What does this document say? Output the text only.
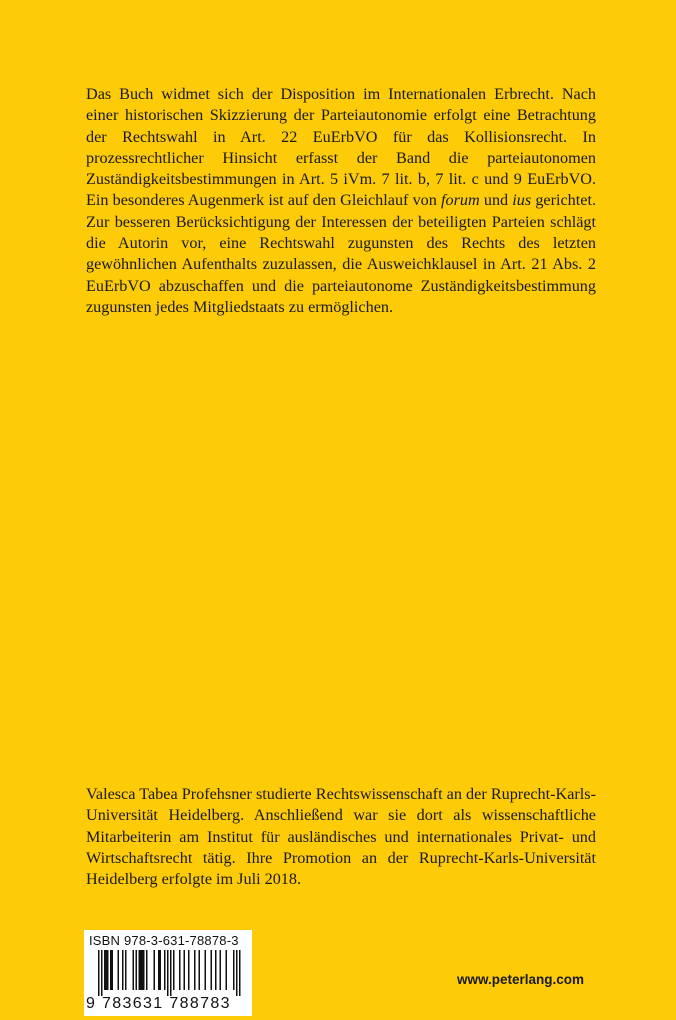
Das Buch widmet sich der Disposition im Internationalen Erbrecht. Nach einer historischen Skizzierung der Parteiautonomie erfolgt eine Betrachtung der Rechtswahl in Art. 22 EuErbVO für das Kollisionsrecht. In prozessrechtlicher Hinsicht erfasst der Band die parteiautonomen Zuständigkeitsbestimmungen in Art. 5 iVm. 7 lit. b, 7 lit. c und 9 EuErbVO. Ein besonderes Augenmerk ist auf den Gleichlauf von forum und ius gerichtet. Zur besseren Berücksichtigung der Interessen der beteiligten Parteien schlägt die Autorin vor, eine Rechtswahl zugunsten des Rechts des letzten gewöhnlichen Aufenthalts zuzulassen, die Ausweichklausel in Art. 21 Abs. 2 EuErbVO abzuschaffen und die parteiautonome Zuständigkeitsbestimmung zugunsten jedes Mitgliedstaats zu ermöglichen.

Valesca Tabea Profehsner studierte Rechtswissenschaft an der Ruprecht-Karls-Universität Heidelberg. Anschließend war sie dort als wissenschaftliche Mitarbeiterin am Institut für ausländisches und internationales Privat- und Wirtschaftsrecht tätig. Ihre Promotion an der Ruprecht-Karls-Universität Heidelberg erfolgte im Juli 2018.

ISBN 978-3-631-78878-3
9 783631 788783
www.peterlang.com
